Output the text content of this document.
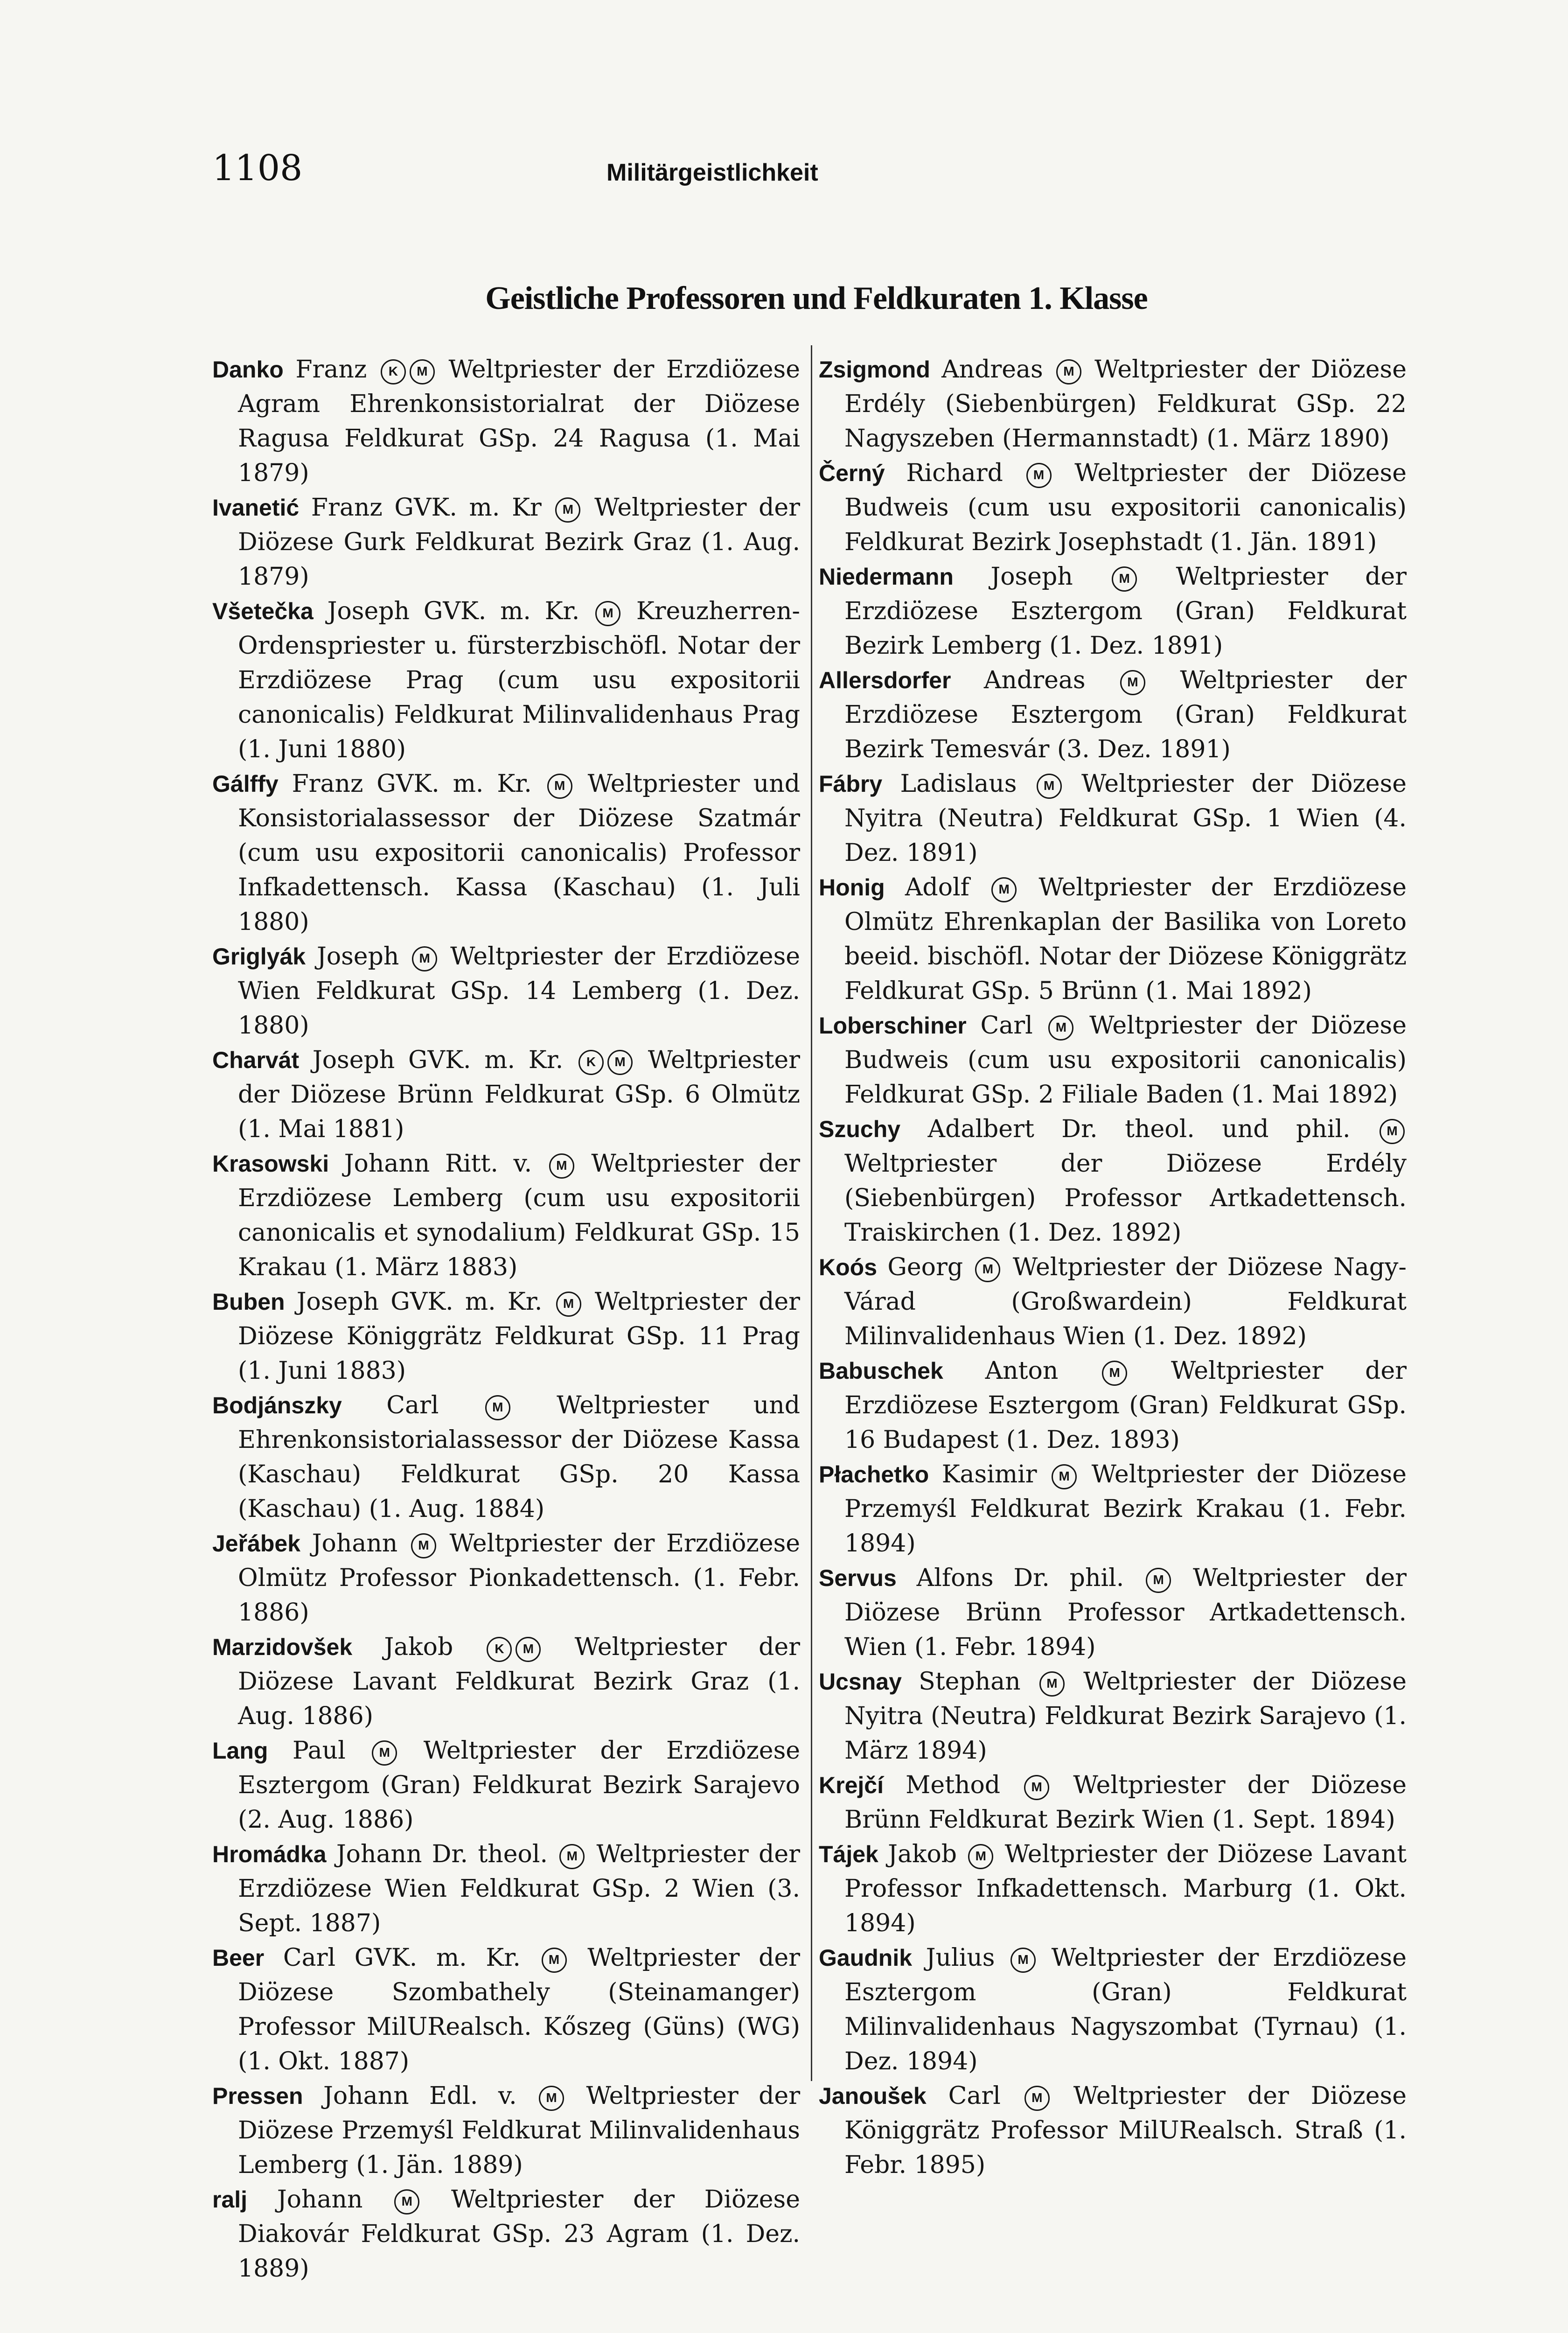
1108	Militärgeistlichkeit
Geistliche Professoren und Feldkuraten 1. Klasse

Danko Franz K M Weltpriester der Erzdiözese Agram Ehrenkonsistorialrat der Diözese Ragusa Feldkurat GSp. 24 Ragusa (1. Mai 1879)

Ivanetić Franz GVK. m. Kr M Weltpriester der Diözese Gurk Feldkurat Bezirk Graz (1. Aug. 1879)

Všetečka Joseph GVK. m. Kr. M Kreuzherren-Ordenspriester u. fürsterzbischöfl. Notar der Erzdiözese Prag (cum usu expositorii canonicalis) Feldkurat Milinvalidenhaus Prag (1. Juni 1880)

Gálffy Franz GVK. m. Kr. M Weltpriester und Konsistorialassessor der Diözese Szatmár (cum usu expositorii canonicalis) Professor Infkadettensch. Kassa (Kaschau) (1. Juli 1880)

Griglyák Joseph M Weltpriester der Erzdiözese Wien Feldkurat GSp. 14 Lemberg (1. Dez. 1880)

Charvát Joseph GVK. m. Kr. K M Weltpriester der Diözese Brünn Feldkurat GSp. 6 Olmütz (1. Mai 1881)

Krasowski Johann Ritt. v. M Weltpriester der Erzdiözese Lemberg (cum usu expositorii canonicalis et synodalium) Feldkurat GSp. 15 Krakau (1. März 1883)

Buben Joseph GVK. m. Kr. M Weltpriester der Diözese Königgrätz Feldkurat GSp. 11 Prag (1. Juni 1883)

Bodjánszky Carl	M Weltpriester und Ehrenkonsistorialassessor der Diözese Kassa (Kaschau) Feldkurat GSp. 20 Kassa (Kaschau) (1. Aug. 1884)

Jeřábek Johann M Weltpriester der Erzdiözese Olmütz Professor Pionkadettensch. (1. Febr. 1886)

Marzidovšek Jakob	K M Weltpriester der Diözese Lavant Feldkurat Bezirk Graz (1. Aug. 1886)

Lang Paul	M Weltpriester der Erzdiözese Esztergom (Gran) Feldkurat Bezirk Sarajevo (2. Aug. 1886)

Hromádka Johann Dr. theol. M Weltpriester der Erzdiözese Wien Feldkurat GSp. 2 Wien (3. Sept. 1887)

Beer Carl GVK. m. Kr. M Weltpriester der Diözese Szombathely (Steinamanger) Professor MilURealsch. Kőszeg (Güns) (WG) (1. Okt. 1887)

Pressen Johann Edl. v. M Weltpriester der Diözese Przemyśl Feldkurat Milinvalidenhaus Lemberg (1. Jän. 1889)

ralj Johann	M Weltpriester der Diözese Diakovár Feldkurat GSp. 23 Agram (1. Dez. 1889)

Zsigmond Andreas M Weltpriester der Diözese Erdély (Siebenbürgen) Feldkurat GSp. 22 Nagyszeben (Hermannstadt) (1. März 1890)

Černý Richard M Weltpriester der Diözese Budweis (cum usu expositorii canonicalis) Feldkurat Bezirk Josephstadt (1. Jän. 1891)

Niedermann Joseph	M Weltpriester der Erzdiözese Esztergom (Gran) Feldkurat Bezirk Lemberg (1. Dez. 1891)

Allersdorfer Andreas	M Weltpriester der Erzdiözese Esztergom (Gran) Feldkurat Bezirk Temesvár (3. Dez. 1891)

Fábry Ladislaus M Weltpriester der Diözese Nyitra (Neutra) Feldkurat GSp. 1 Wien (4. Dez. 1891)

Honig Adolf M Weltpriester der Erzdiözese Olmütz Ehrenkaplan der Basilika von Loreto beeid. bischöfl. Notar der Diözese Königgrätz Feldkurat GSp. 5 Brünn (1. Mai 1892)

Loberschiner Carl M Weltpriester der Diözese Budweis (cum usu expositorii canonicalis) Feldkurat GSp. 2 Filiale Baden (1. Mai 1892)

Szuchy Adalbert Dr. theol. und phil.	M Weltpriester der Diözese Erdély (Siebenbürgen) Professor Artkadettensch. Traiskirchen (1. Dez. 1892)

Koós Georg M Weltpriester der Diözese Nagy-Várad (Großwardein) Feldkurat Milinvalidenhaus Wien (1. Dez. 1892)

Babuschek Anton	M Weltpriester der Erzdiözese Esztergom (Gran) Feldkurat GSp. 16 Budapest (1. Dez. 1893)

Płachetko Kasimir M Weltpriester der Diözese Przemyśl Feldkurat Bezirk Krakau (1. Febr. 1894)

Servus Alfons Dr. phil. M Weltpriester der Diözese Brünn Professor Artkadettensch. Wien (1. Febr. 1894)

Ucsnay Stephan M Weltpriester der Diözese Nyitra (Neutra) Feldkurat Bezirk Sarajevo (1. März 1894)

Krejčí Method M Weltpriester der Diözese Brünn Feldkurat Bezirk Wien (1. Sept. 1894)

Tájek Jakob M Weltpriester der Diözese Lavant Professor Infkadettensch. Marburg (1. Okt. 1894)

Gaudnik Julius M Weltpriester der Erzdiözese Esztergom (Gran) Feldkurat Milinvalidenhaus Nagyszombat (Tyrnau) (1. Dez. 1894)

Janoušek Carl M Weltpriester der Diözese Königgrätz Professor MilURealsch. Straß (1. Febr. 1895)
